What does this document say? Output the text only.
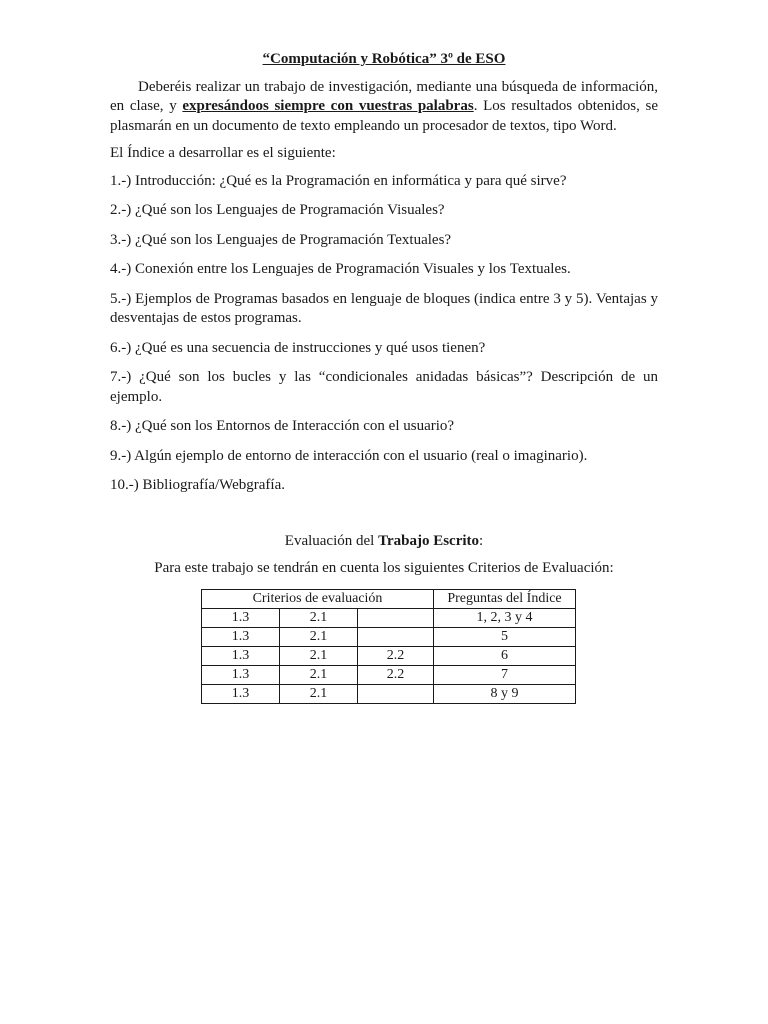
“Computación y Robótica” 3º de ESO

Deberéis realizar un trabajo de investigación, mediante una búsqueda de información, en clase, y expresándoos siempre con vuestras palabras. Los resultados obtenidos, se plasmarán en un documento de texto empleando un procesador de textos, tipo Word.

El Índice a desarrollar es el siguiente:

1.-) Introducción: ¿Qué es la Programación en informática y para qué sirve?

2.-) ¿Qué son los Lenguajes de Programación Visuales?

3.-) ¿Qué son los Lenguajes de Programación Textuales?

4.-) Conexión entre los Lenguajes de Programación Visuales y los Textuales.

5.-) Ejemplos de Programas basados en lenguaje de bloques (indica entre 3 y 5). Ventajas y desventajas de estos programas.

6.-) ¿Qué es una secuencia de instrucciones y qué usos tienen?

7.-) ¿Qué son los bucles y las “condicionales anidadas básicas”? Descripción de un ejemplo.

8.-) ¿Qué son los Entornos de Interacción con el usuario?

9.-) Algún ejemplo de entorno de interacción con el usuario (real o imaginario).

10.-) Bibliografía/Webgrafía.

Evaluación del Trabajo Escrito:

Para este trabajo se tendrán en cuenta los siguientes Criterios de Evaluación:

Criterios de evaluación			Preguntas del Índice
1.3	2.1		1, 2, 3 y 4
1.3	2.1		5
1.3	2.1	2.2	6
1.3	2.1	2.2	7
1.3	2.1		8 y 9
